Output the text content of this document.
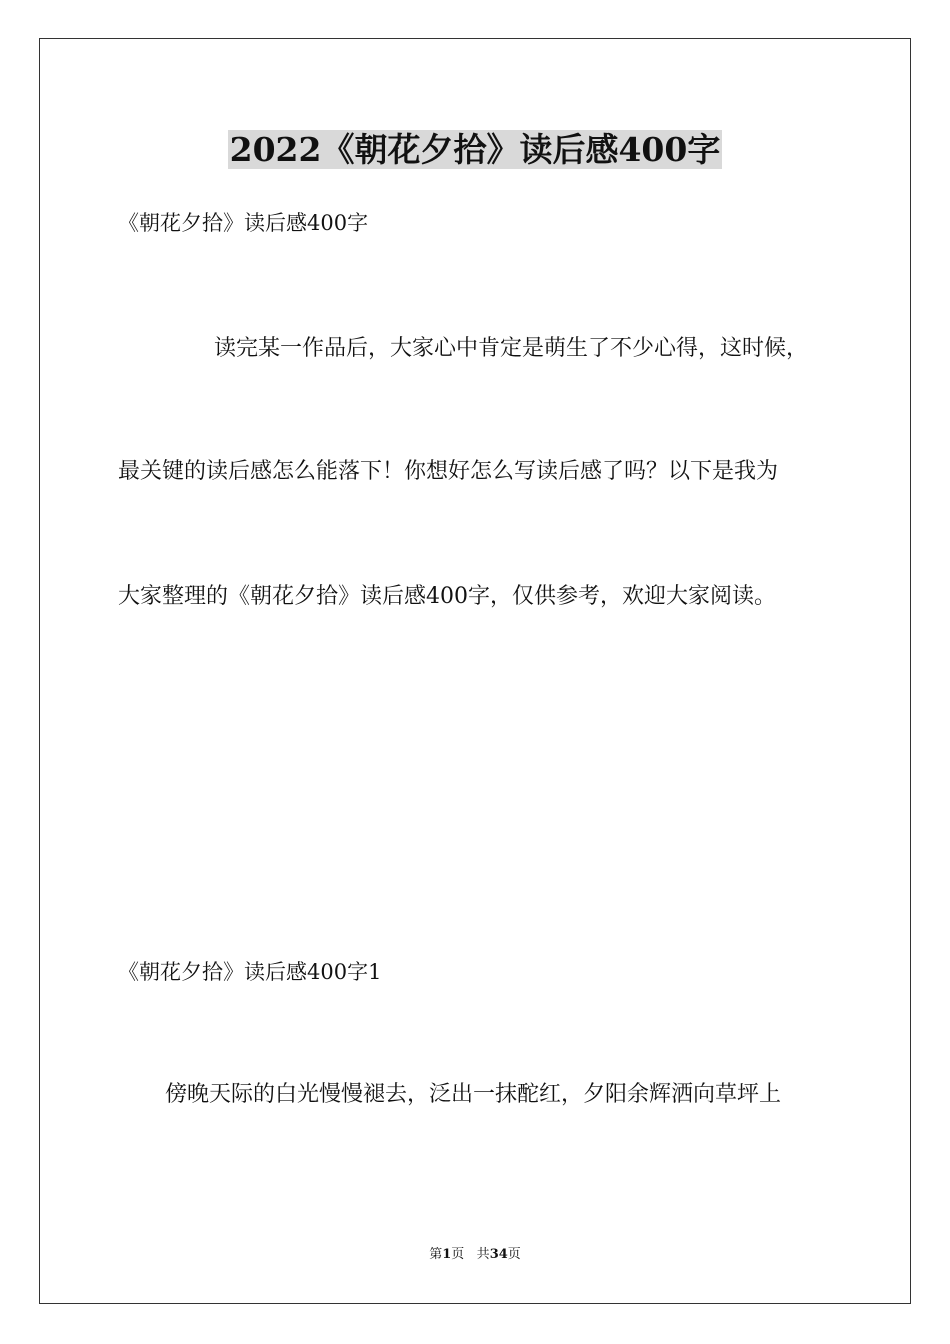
2022《朝花夕拾》读后感400字
《朝花夕拾》读后感400字
读完某一作品后，大家心中肯定是萌生了不少心得，这时候，
最关键的读后感怎么能落下！你想好怎么写读后感了吗？以下是我为
大家整理的《朝花夕拾》读后感400字，仅供参考，欢迎大家阅读。
《朝花夕拾》读后感400字1
傍晚天际的白光慢慢褪去，泛出一抹酡红，夕阳余辉洒向草坪上
第1页 共34页
